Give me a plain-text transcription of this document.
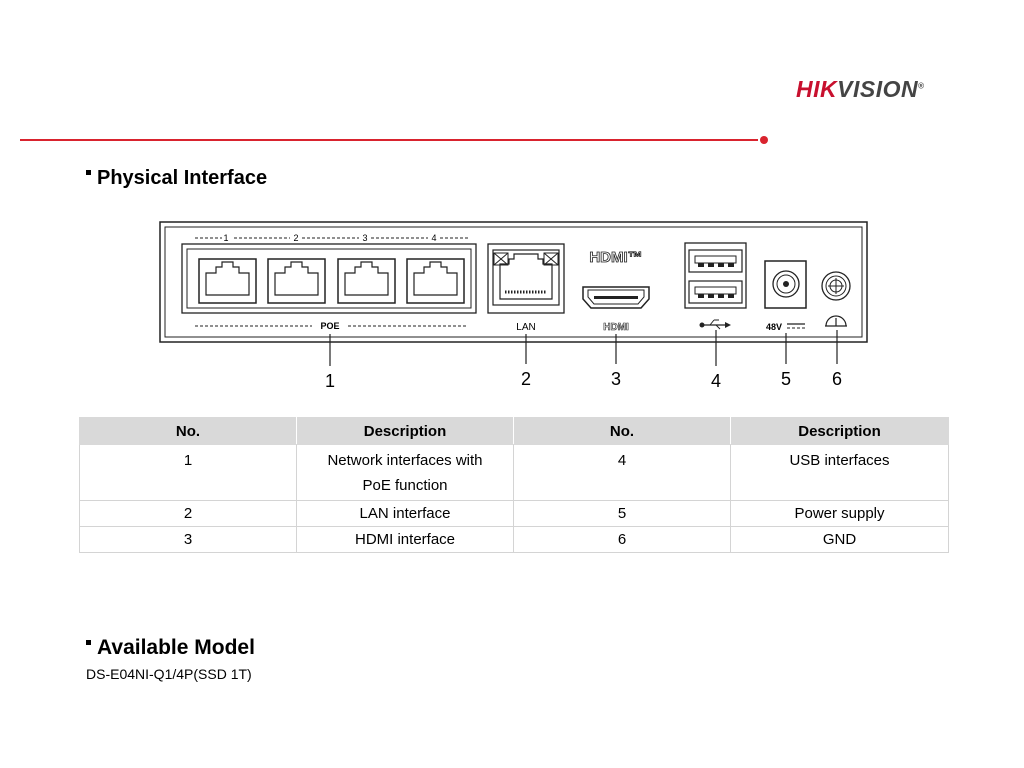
HIKVISION®
Physical Interface
1	2	3	4
POE	LAN
HDMI™
HDMI	48V
1	2	3	4	5 6
No.	Description	No.	Description
1	Network interfaces with PoE function	4	USB interfaces
2	LAN interface	5	Power supply
3	HDMI interface	6	GND
Available Model
DS-E04NI-Q1/4P(SSD 1T)
